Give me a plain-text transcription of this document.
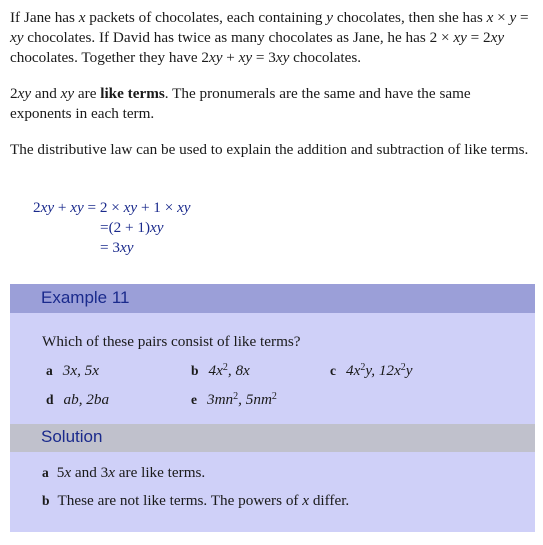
If Jane has x packets of chocolates, each containing y chocolates, then she has x × y = xy chocolates. If David has twice as many chocolates as Jane, he has 2 × xy = 2xy chocolates. Together they have 2xy + xy = 3xy chocolates.

2xy and xy are like terms. The pronumerals are the same and have the same exponents in each term.

The distributive law can be used to explain the addition and subtraction of like terms.

2xy + xy = 2 × xy + 1 × xy
=(2 + 1)xy
= 3xy
Example 11
Which of these pairs consist of like terms?
a 3x, 5x	b $4x^2$, 8x	c $4x^2y$, $12x^2y$
d ab, 2ba	e $3mn^2$, $5nm^2$
Solution
a 5x and 3x are like terms.
b These are not like terms. The powers of x differ.
